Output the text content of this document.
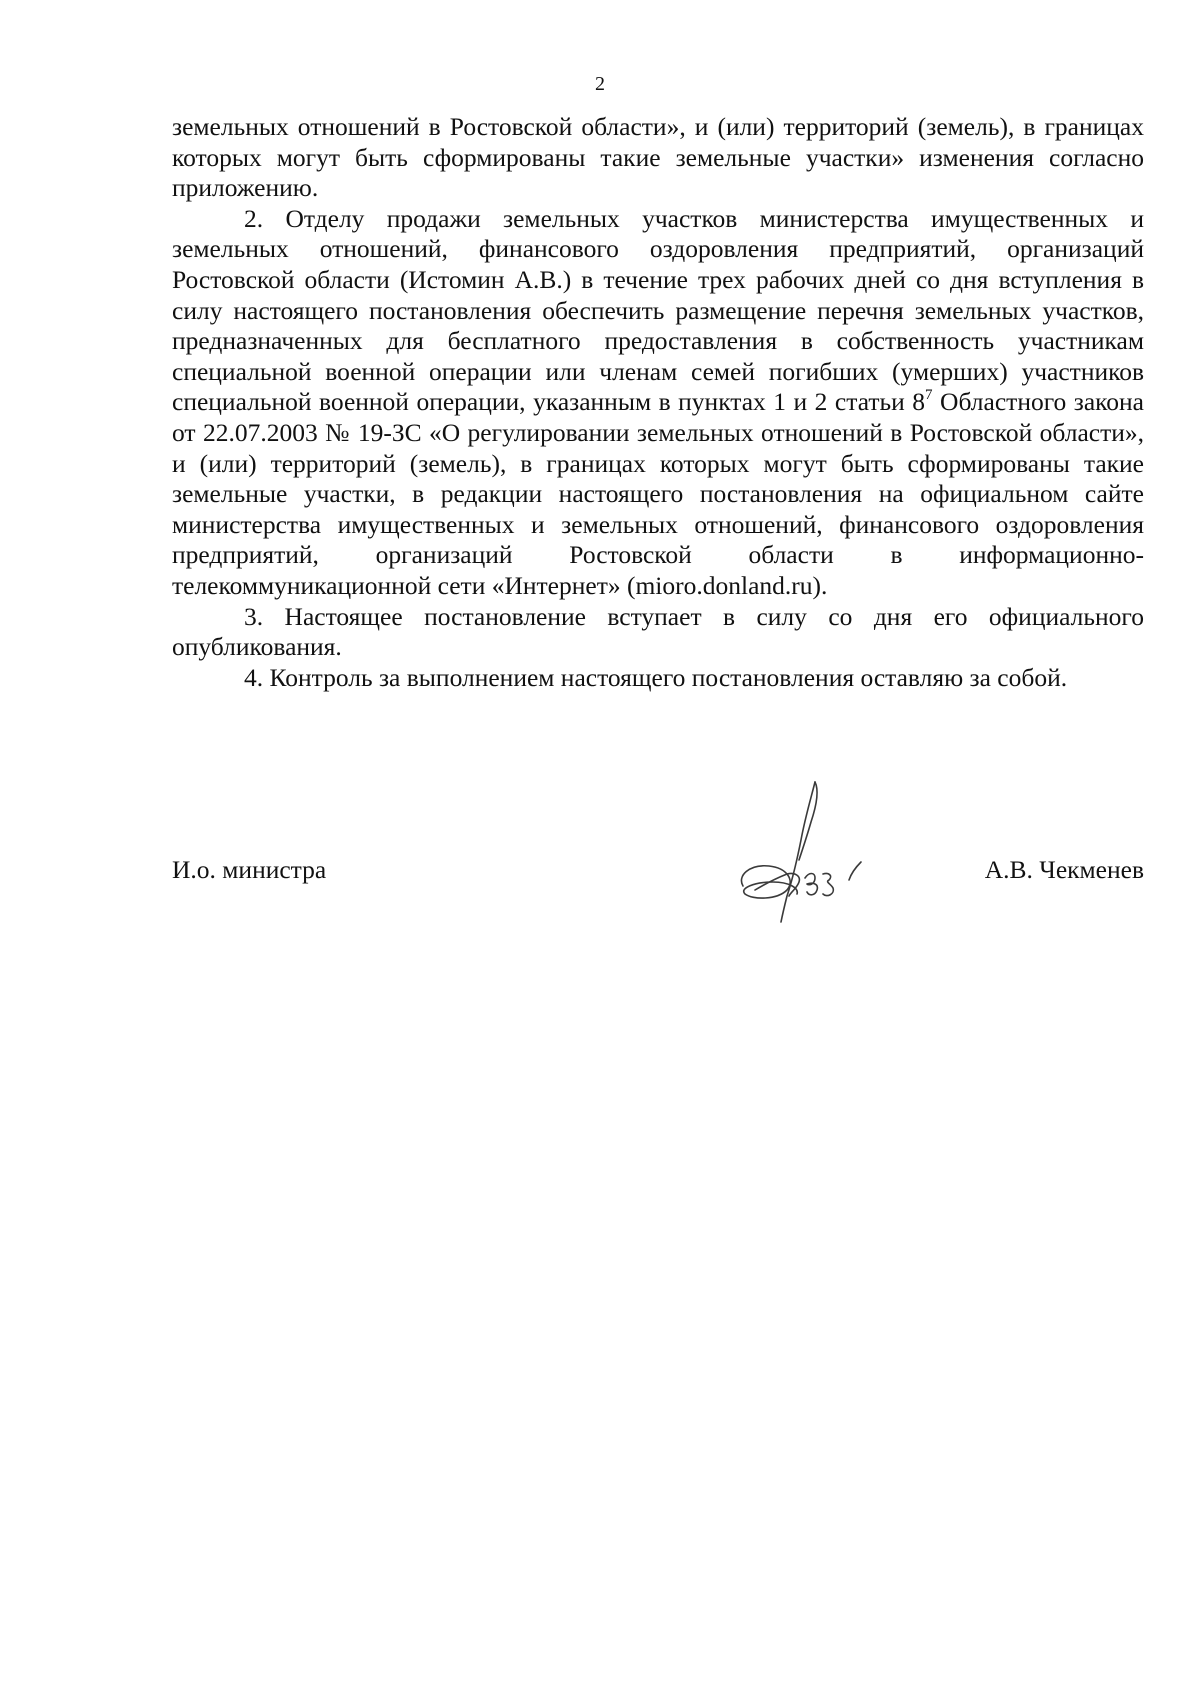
2

земельных отношений в Ростовской области», и (или) территорий (земель), в границах которых могут быть сформированы такие земельные участки» изменения согласно приложению.

2. Отделу продажи земельных участков министерства имущественных и земельных отношений, финансового оздоровления предприятий, организаций Ростовской области (Истомин А.В.) в течение трех рабочих дней со дня вступления в силу настоящего постановления обеспечить размещение перечня земельных участков, предназначенных для бесплатного предоставления в собственность участникам специальной военной операции или членам семей погибших (умерших) участников специальной военной операции, указанным в пунктах 1 и 2 статьи $8^7$ Областного закона от 22.07.2003 № 19-ЗС «О регулировании земельных отношений в Ростовской области», и (или) территорий (земель), в границах которых могут быть сформированы такие земельные участки, в редакции настоящего постановления на официальном сайте министерства имущественных и земельных отношений, финансового оздоровления предприятий, организаций Ростовской области в информационно-телекоммуникационной сети «Интернет» (mioro.donland.ru).

3. Настоящее постановление вступает в силу со дня его официального опубликования.

4. Контроль за выполнением настоящего постановления оставляю за собой.

И.о. министра	А.В. Чекменев
